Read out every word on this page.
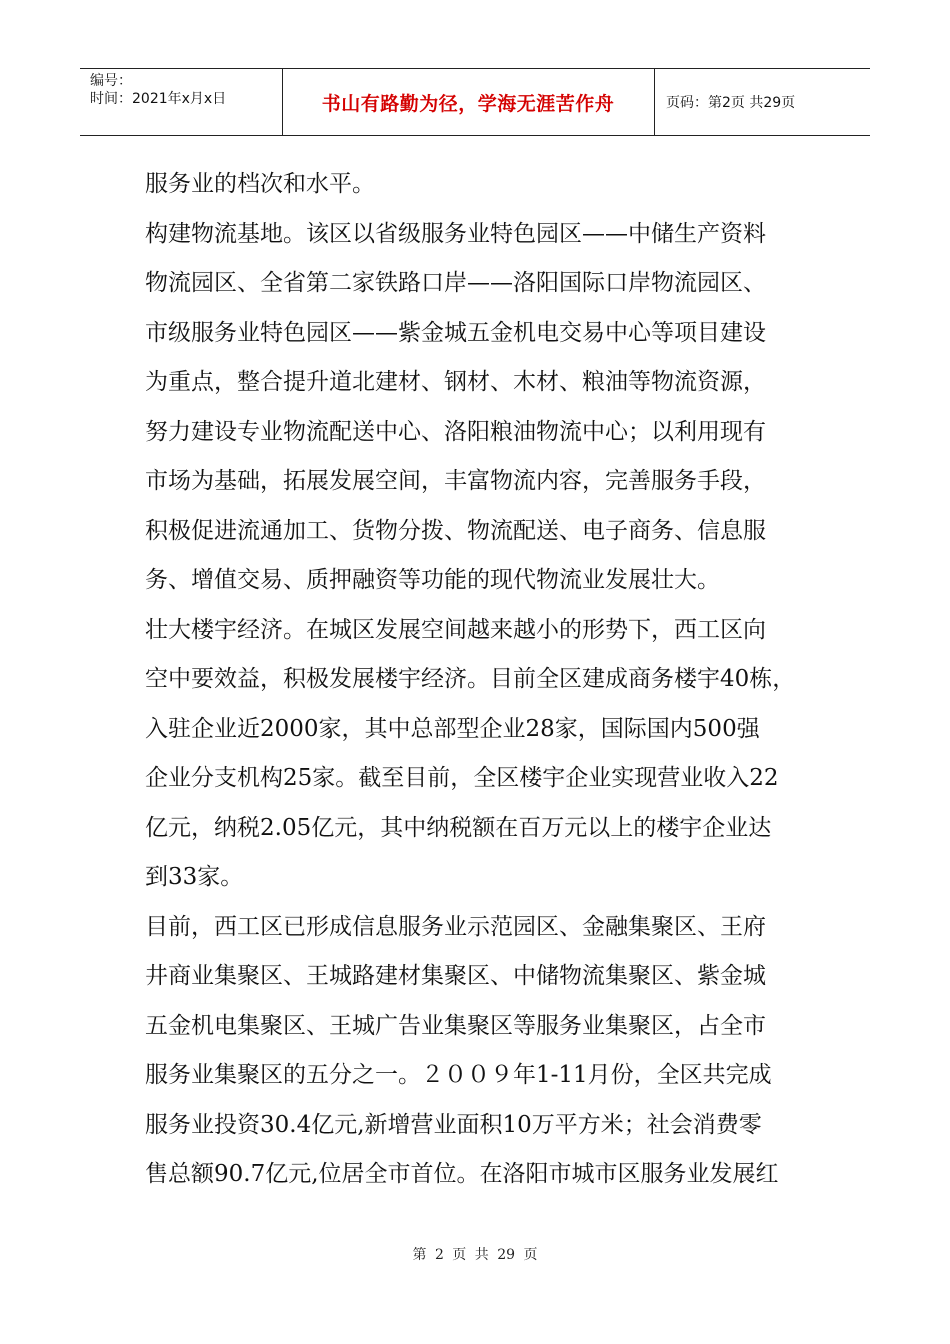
编号：
时间：2021年x月x日	书山有路勤为径，学海无涯苦作舟	页码：第2页 共29页

服务业的档次和水平。

构建物流基地。该区以省级服务业特色园区——中储生产资料

物流园区、全省第二家铁路口岸——洛阳国际口岸物流园区、

市级服务业特色园区——紫金城五金机电交易中心等项目建设

为重点，整合提升道北建材、钢材、木材、粮油等物流资源，

努力建设专业物流配送中心、洛阳粮油物流中心；以利用现有

市场为基础，拓展发展空间，丰富物流内容，完善服务手段，

积极促进流通加工、货物分拨、物流配送、电子商务、信息服

务、增值交易、质押融资等功能的现代物流业发展壮大。

壮大楼宇经济。在城区发展空间越来越小的形势下，西工区向

空中要效益，积极发展楼宇经济。目前全区建成商务楼宇40栋，

入驻企业近2000家，其中总部型企业28家，国际国内500强

企业分支机构25家。截至目前，全区楼宇企业实现营业收入22

亿元，纳税2.05亿元，其中纳税额在百万元以上的楼宇企业达

到33家。

目前，西工区已形成信息服务业示范园区、金融集聚区、王府

井商业集聚区、王城路建材集聚区、中储物流集聚区、紫金城

五金机电集聚区、王城广告业集聚区等服务业集聚区，占全市

服务业集聚区的五分之一。２００９年1-11月份，全区共完成

服务业投资30.4亿元,新增营业面积10万平方米；社会消费零

售总额90.7亿元,位居全市首位。在洛阳市城市区服务业发展红

第 2 页 共 29 页
